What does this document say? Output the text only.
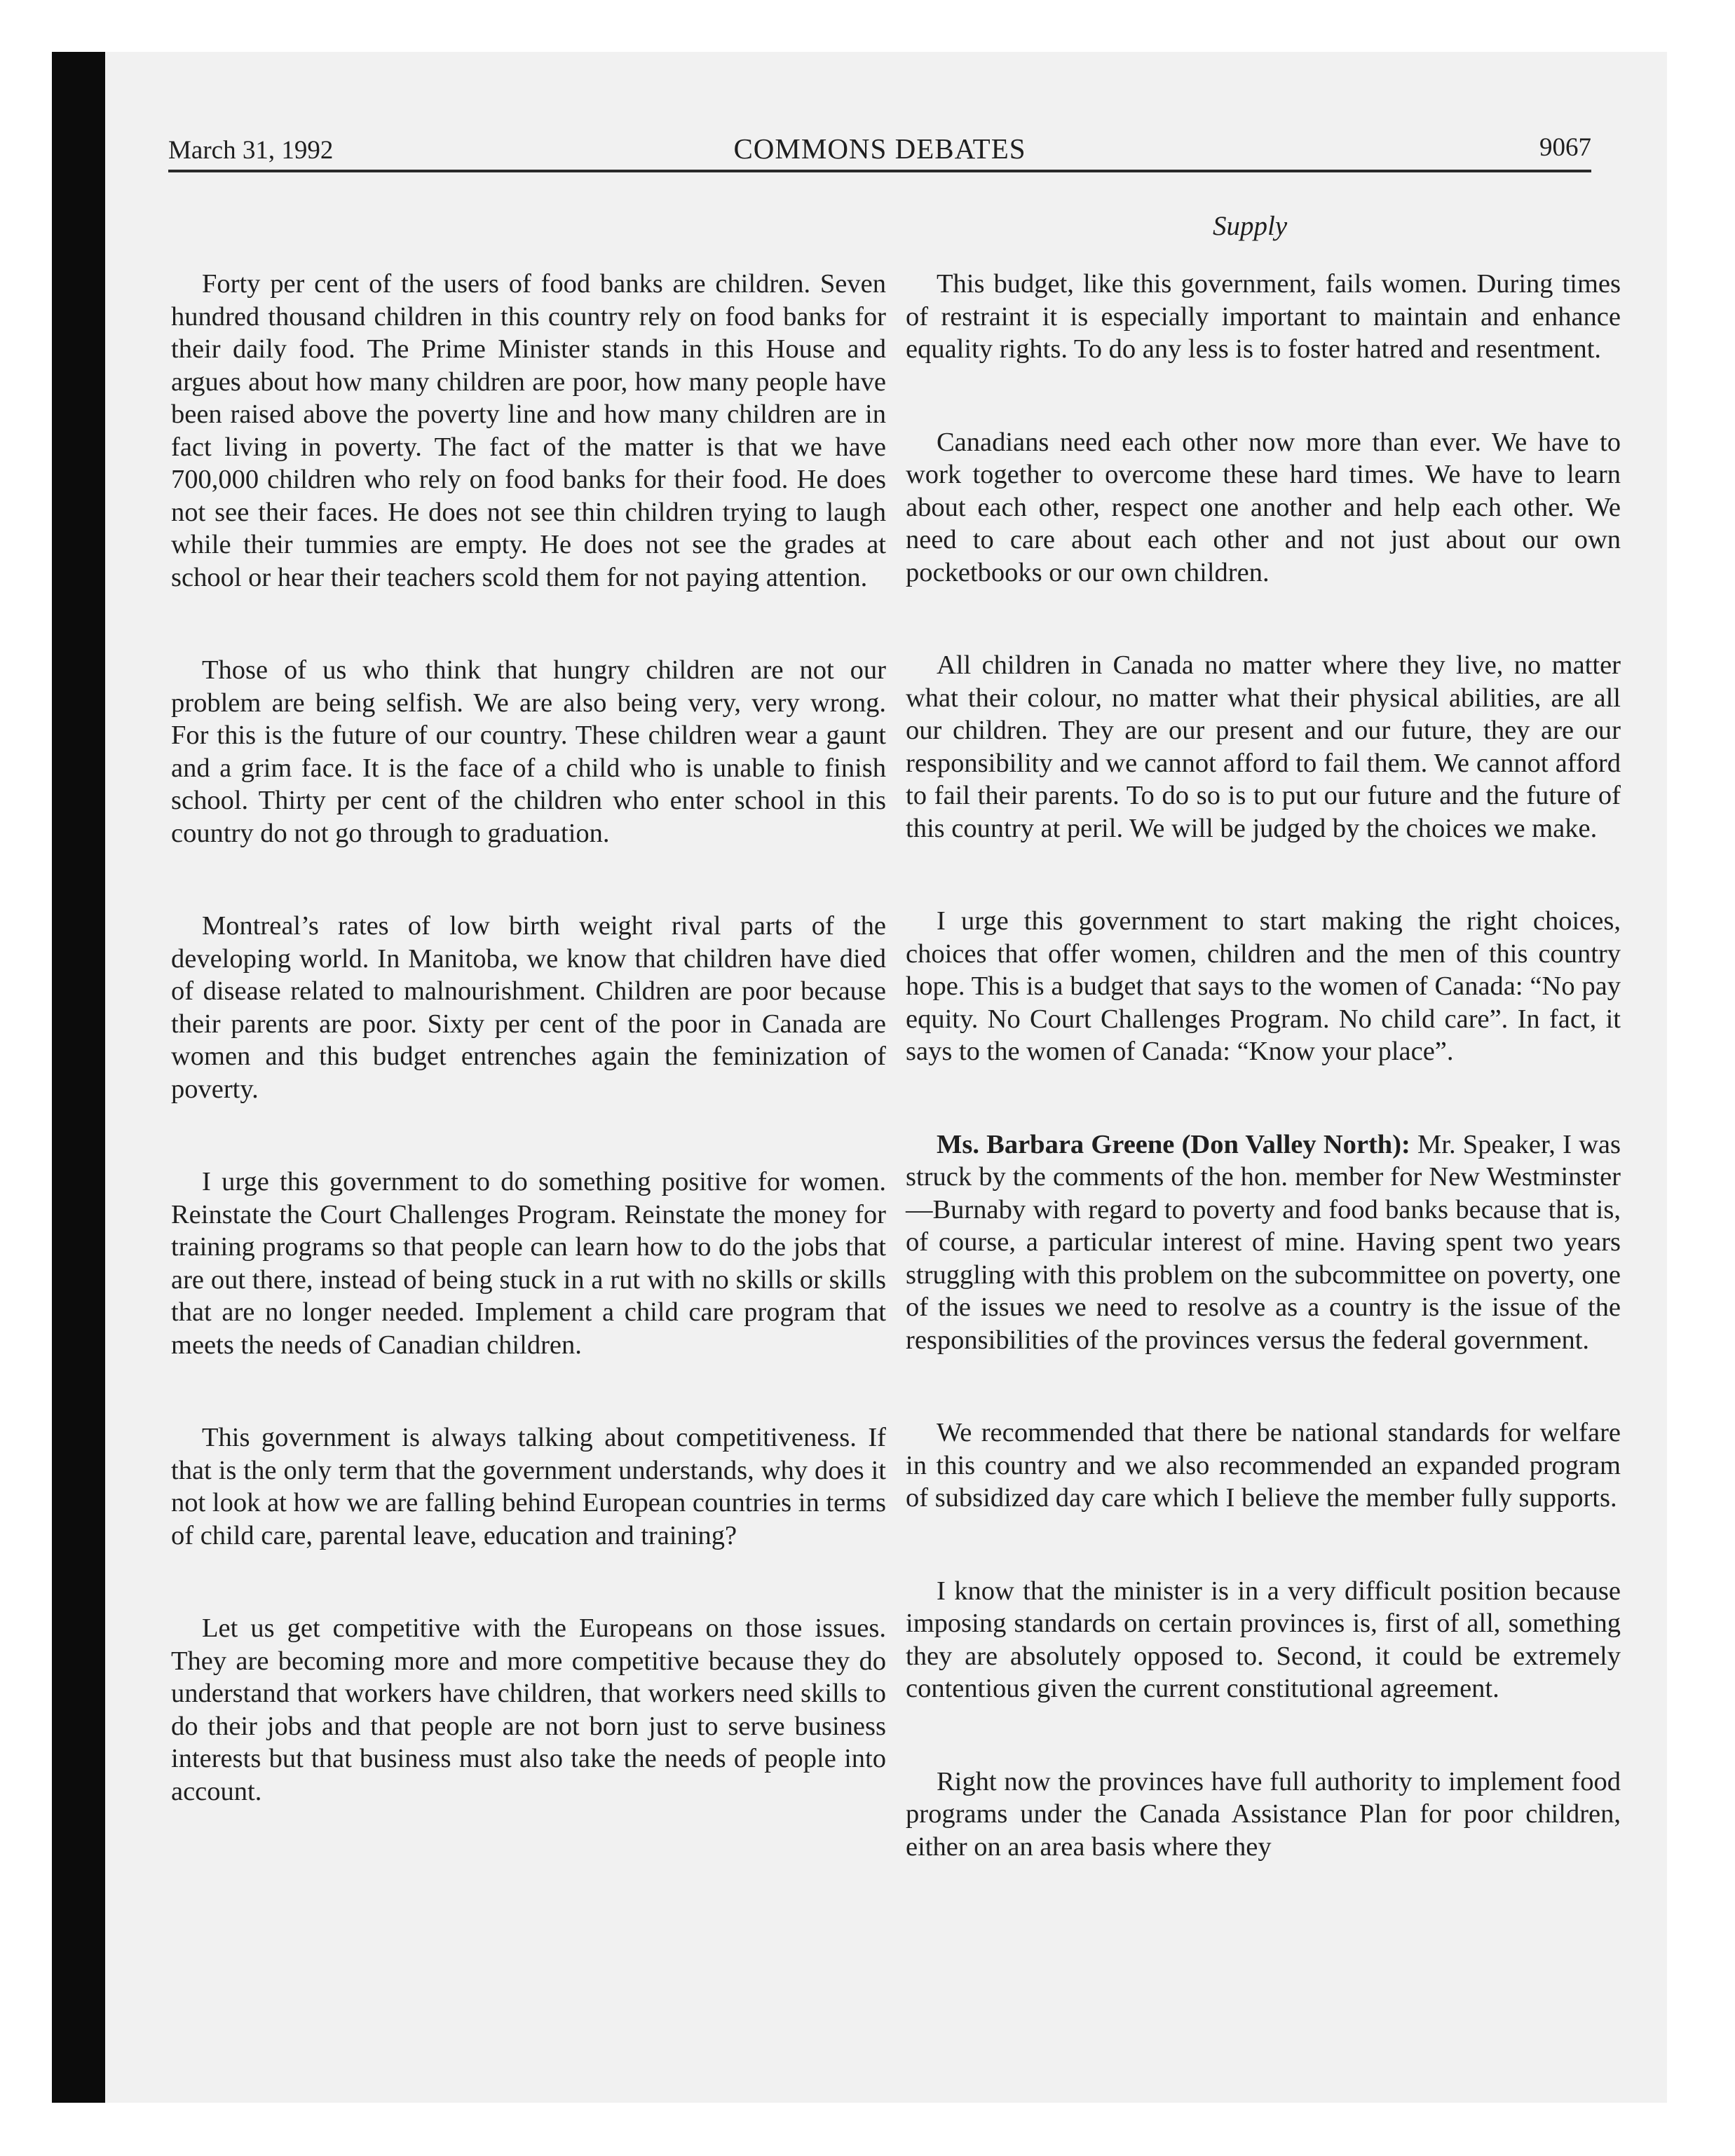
March 31, 1992	COMMONS DEBATES	9067
Supply

Forty per cent of the users of food banks are children. Seven hundred thousand children in this country rely on food banks for their daily food. The Prime Minister stands in this House and argues about how many children are poor, how many people have been raised above the poverty line and how many children are in fact living in poverty. The fact of the matter is that we have 700,000 children who rely on food banks for their food. He does not see their faces. He does not see thin children trying to laugh while their tummies are empty. He does not see the grades at school or hear their teachers scold them for not paying attention.

Those of us who think that hungry children are not our problem are being selfish. We are also being very, very wrong. For this is the future of our country. These children wear a gaunt and a grim face. It is the face of a child who is unable to finish school. Thirty per cent of the children who enter school in this country do not go through to graduation.

Montreal’s rates of low birth weight rival parts of the developing world. In Manitoba, we know that children have died of disease related to malnourishment. Children are poor because their parents are poor. Sixty per cent of the poor in Canada are women and this budget entrenches again the feminization of poverty.

I urge this government to do something positive for women. Reinstate the Court Challenges Program. Reinstate the money for training programs so that people can learn how to do the jobs that are out there, instead of being stuck in a rut with no skills or skills that are no longer needed. Implement a child care program that meets the needs of Canadian children.

This government is always talking about competitiveness. If that is the only term that the government understands, why does it not look at how we are falling behind European countries in terms of child care, parental leave, education and training?

Let us get competitive with the Europeans on those issues. They are becoming more and more competitive because they do understand that workers have children, that workers need skills to do their jobs and that people are not born just to serve business interests but that business must also take the needs of people into account.

This budget, like this government, fails women. During times of restraint it is especially important to maintain and enhance equality rights. To do any less is to foster hatred and resentment.

Canadians need each other now more than ever. We have to work together to overcome these hard times. We have to learn about each other, respect one another and help each other. We need to care about each other and not just about our own pocketbooks or our own children.

All children in Canada no matter where they live, no matter what their colour, no matter what their physical abilities, are all our children. They are our present and our future, they are our responsibility and we cannot afford to fail them. We cannot afford to fail their parents. To do so is to put our future and the future of this country at peril. We will be judged by the choices we make.

I urge this government to start making the right choices, choices that offer women, children and the men of this country hope. This is a budget that says to the women of Canada: “No pay equity. No Court Challenges Program. No child care”. In fact, it says to the women of Canada: “Know your place”.

Ms. Barbara Greene (Don Valley North): Mr. Speaker, I was struck by the comments of the hon. member for New Westminster—Burnaby with regard to poverty and food banks because that is, of course, a particular interest of mine. Having spent two years struggling with this problem on the subcommittee on poverty, one of the issues we need to resolve as a country is the issue of the responsibilities of the provinces versus the federal government.

We recommended that there be national standards for welfare in this country and we also recommended an expanded program of subsidized day care which I believe the member fully supports.

I know that the minister is in a very difficult position because imposing standards on certain provinces is, first of all, something they are absolutely opposed to. Second, it could be extremely contentious given the current constitutional agreement.

Right now the provinces have full authority to implement food programs under the Canada Assistance Plan for poor children, either on an area basis where they
